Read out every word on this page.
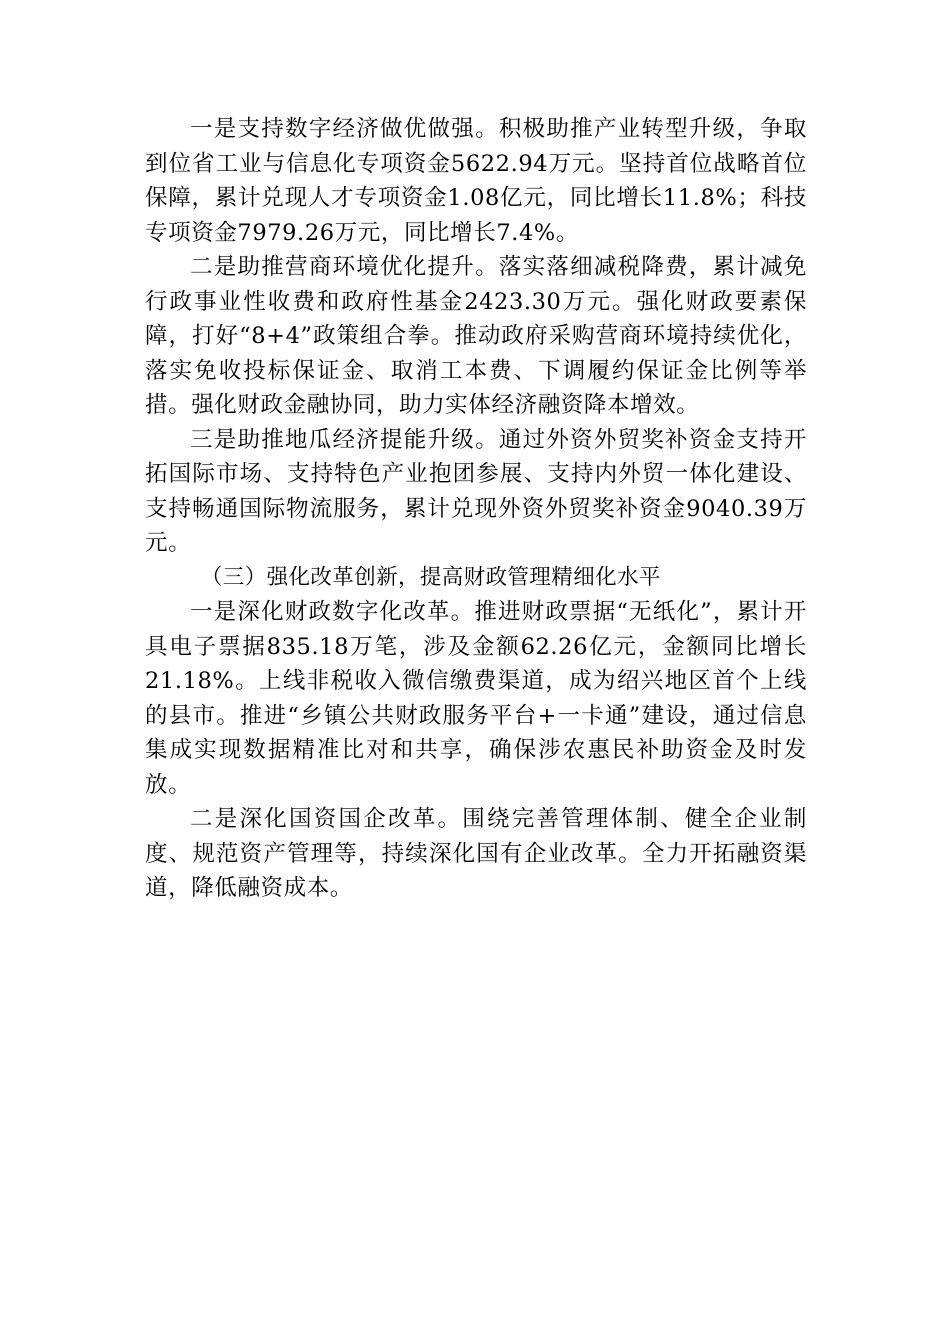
一是支持数字经济做优做强。积极助推产业转型升级，争取到位省工业与信息化专项资金5622.94万元。坚持首位战略首位保障，累计兑现人才专项资金1.08亿元，同比增长11.8%；科技专项资金7979.26万元，同比增长7.4%。

二是助推营商环境优化提升。落实落细减税降费，累计减免行政事业性收费和政府性基金2423.30万元。强化财政要素保障，打好“8+4”政策组合拳。推动政府采购营商环境持续优化，落实免收投标保证金、取消工本费、下调履约保证金比例等举措。强化财政金融协同，助力实体经济融资降本增效。

三是助推地瓜经济提能升级。通过外资外贸奖补资金支持开拓国际市场、支持特色产业抱团参展、支持内外贸一体化建设、支持畅通国际物流服务，累计兑现外资外贸奖补资金9040.39万元。

（三）强化改革创新，提高财政管理精细化水平

一是深化财政数字化改革。推进财政票据“无纸化”，累计开具电子票据835.18万笔，涉及金额62.26亿元，金额同比增长21.18%。上线非税收入微信缴费渠道，成为绍兴地区首个上线的县市。推进“乡镇公共财政服务平台+一卡通”建设，通过信息集成实现数据精准比对和共享，确保涉农惠民补助资金及时发放。

二是深化国资国企改革。围绕完善管理体制、健全企业制度、规范资产管理等，持续深化国有企业改革。全力开拓融资渠道，降低融资成本。
